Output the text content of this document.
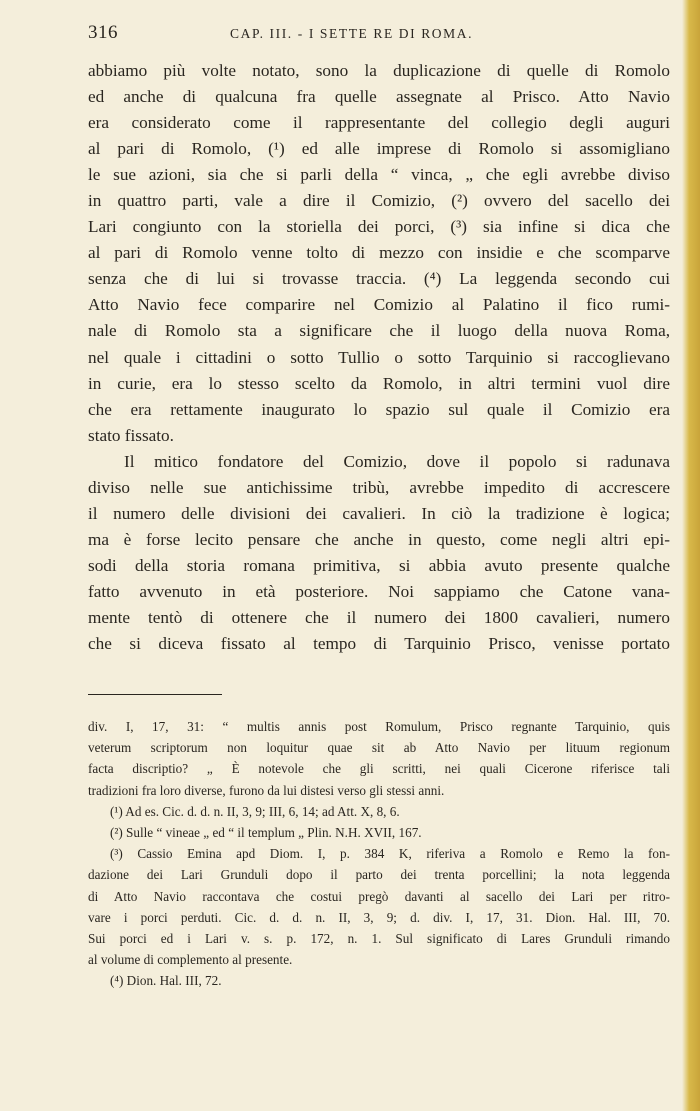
316	CAP. III. - I SETTE RE DI ROMA.
abbiamo più volte notato, sono la duplicazione di quelle di Romolo
ed anche di qualcuna fra quelle assegnate al Prisco. Atto Navio
era considerato come il rappresentante del collegio degli auguri
al pari di Romolo, (¹) ed alle imprese di Romolo si assomigliano
le sue azioni, sia che si parli della “ vinca, „ che egli avrebbe diviso
in quattro parti, vale a dire il Comizio, (²) ovvero del sacello dei
Lari congiunto con la storiella dei porci, (³) sia infine si dica che
al pari di Romolo venne tolto di mezzo con insidie e che scomparve
senza che di lui si trovasse traccia. (⁴) La leggenda secondo cui
Atto Navio fece comparire nel Comizio al Palatino il fico rumi-
nale di Romolo sta a significare che il luogo della nuova Roma,
nel quale i cittadini o sotto Tullio o sotto Tarquinio si raccoglievano
in curie, era lo stesso scelto da Romolo, in altri termini vuol dire
che era rettamente inaugurato lo spazio sul quale il Comizio era
stato fissato.
Il mitico fondatore del Comizio, dove il popolo si radunava
diviso nelle sue antichissime tribù, avrebbe impedito di accrescere
il numero delle divisioni dei cavalieri. In ciò la tradizione è logica;
ma è forse lecito pensare che anche in questo, come negli altri epi-
sodi della storia romana primitiva, si abbia avuto presente qualche
fatto avvenuto in età posteriore. Noi sappiamo che Catone vana-
mente tentò di ottenere che il numero dei 1800 cavalieri, numero
che si diceva fissato al tempo di Tarquinio Prisco, venisse portato
div. I, 17, 31: “ multis annis post Romulum, Prisco regnante Tarquinio, quis
veterum scriptorum non loquitur quae sit ab Atto Navio per lituum regionum
facta discriptio? „ È notevole che gli scritti, nei quali Cicerone riferisce tali
tradizioni fra loro diverse, furono da lui distesi verso gli stessi anni.
(¹) Ad es. Cic. d. d. n. II, 3, 9; III, 6, 14; ad Att. X, 8, 6.
(²) Sulle “ vineae „ ed “ il templum „ Plin. N.H. XVII, 167.
(³) Cassio Emina apd Diom. I, p. 384 K, riferiva a Romolo e Remo la fon-
dazione dei Lari Grunduli dopo il parto dei trenta porcellini; la nota leggenda
di Atto Navio raccontava che costui pregò davanti al sacello dei Lari per ritro-
vare i porci perduti. Cic. d. d. n. II, 3, 9; d. div. I, 17, 31. Dion. Hal. III, 70.
Sui porci ed i Lari v. s. p. 172, n. 1. Sul significato di Lares Grunduli rimando
al volume di complemento al presente.
(⁴) Dion. Hal. III, 72.
